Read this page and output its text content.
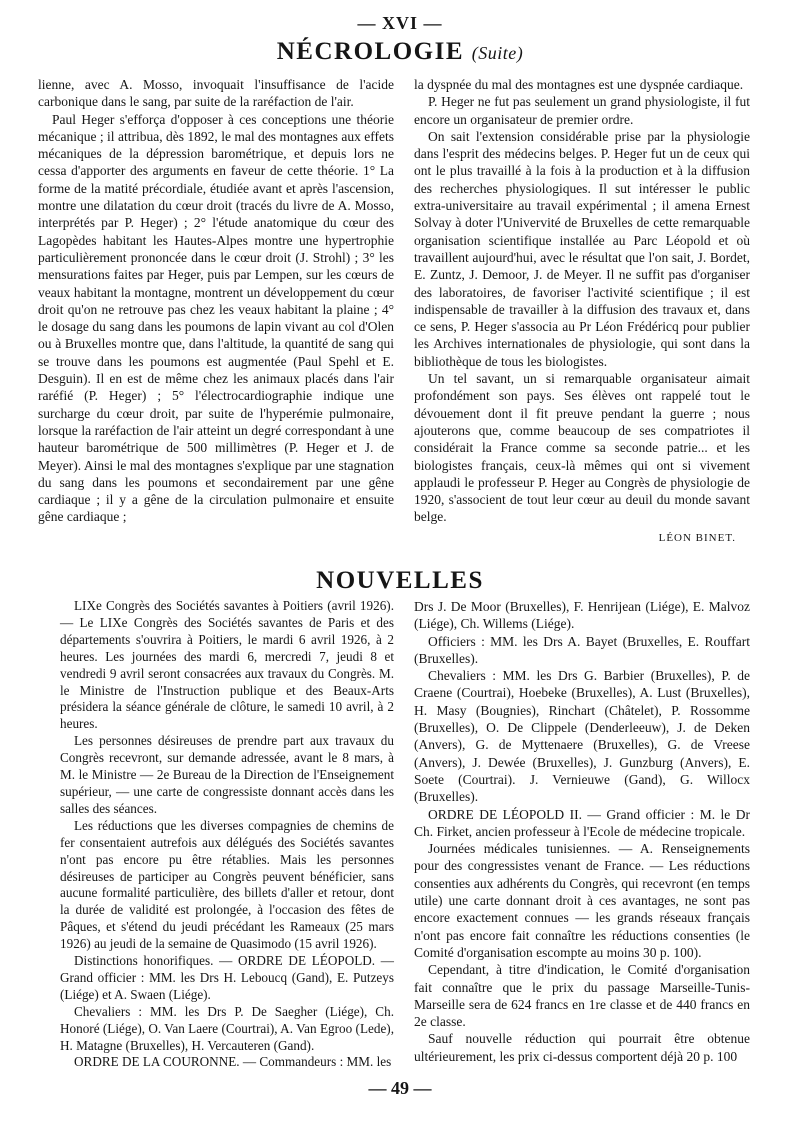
— XVI —
NÉCROLOGIE (Suite)

lienne, avec A. Mosso, invoquait l'insuffisance de l'acide carbonique dans le sang, par suite de la raréfaction de l'air.

Paul Heger s'efforça d'opposer à ces conceptions une théorie mécanique ; il attribua, dès 1892, le mal des montagnes aux effets mécaniques de la dépression barométrique, et depuis lors ne cessa d'apporter des arguments en faveur de cette théorie. 1° La forme de la matité précordiale, étudiée avant et après l'ascension, montre une dilatation du cœur droit (tracés du livre de A. Mosso, interprétés par P. Heger) ; 2° l'étude anatomique du cœur des Lagopèdes habitant les Hautes-Alpes montre une hypertrophie particulièrement prononcée dans le cœur droit (J. Strohl) ; 3° les mensurations faites par Heger, puis par Lempen, sur les cœurs de veaux habitant la montagne, montrent un développement du cœur droit qu'on ne retrouve pas chez les veaux habitant la plaine ; 4° le dosage du sang dans les poumons de lapin vivant au col d'Olen ou à Bruxelles montre que, dans l'altitude, la quantité de sang qui se trouve dans les poumons est augmentée (Paul Spehl et E. Desguin). Il en est de même chez les animaux placés dans l'air raréfié (P. Heger) ; 5° l'électrocardiographie indique une surcharge du cœur droit, par suite de l'hyperémie pulmonaire, lorsque la raréfaction de l'air atteint un degré correspondant à une hauteur barométrique de 500 millimètres (P. Heger et J. de Meyer). Ainsi le mal des montagnes s'explique par une stagnation du sang dans les poumons et secondairement par une gêne cardiaque ; il y a gêne de la circulation pulmonaire et ensuite gêne cardiaque ;

la dyspnée du mal des montagnes est une dyspnée cardiaque.

P. Heger ne fut pas seulement un grand physiologiste, il fut encore un organisateur de premier ordre.

On sait l'extension considérable prise par la physiologie dans l'esprit des médecins belges. P. Heger fut un de ceux qui ont le plus travaillé à la fois à la production et à la diffusion des recherches physiologiques. Il sut intéresser le public extra-universitaire au travail expérimental ; il amena Ernest Solvay à doter l'Univervité de Bruxelles de cette remarquable organisation scientifique installée au Parc Léopold et où travaillent aujourd'hui, avec le résultat que l'on sait, J. Bordet, E. Zuntz, J. Demoor, J. de Meyer. Il ne suffit pas d'organiser des laboratoires, de favoriser l'activité scientifique ; il est indispensable de travailler à la diffusion des travaux et, dans ce sens, P. Heger s'associa au Pr Léon Frédéricq pour publier les Archives internationales de physiologie, qui sont dans la bibliothèque de tous les biologistes.

Un tel savant, un si remarquable organisateur aimait profondément son pays. Ses élèves ont rappelé tout le dévouement dont il fit preuve pendant la guerre ; nous ajouterons que, comme beaucoup de ses compatriotes il considérait la France comme sa seconde patrie... et les biologistes français, ceux-là mêmes qui ont si vivement applaudi le professeur P. Heger au Congrès de physiologie de 1920, s'associent de tout leur cœur au deuil du monde savant belge.

LÉON BINET.
NOUVELLES

LIXe Congrès des Sociétés savantes à Poitiers (avril 1926). — Le LIXe Congrès des Sociétés savantes de Paris et des départements s'ouvrira à Poitiers, le mardi 6 avril 1926, à 2 heures. Les journées des mardi 6, mercredi 7, jeudi 8 et vendredi 9 avril seront consacrées aux travaux du Congrès. M. le Ministre de l'Instruction publique et des Beaux-Arts présidera la séance générale de clôture, le samedi 10 avril, à 2 heures.

Les personnes désireuses de prendre part aux travaux du Congrès recevront, sur demande adressée, avant le 8 mars, à M. le Ministre — 2e Bureau de la Direction de l'Enseignement supérieur, — une carte de congressiste donnant accès dans les salles des séances.

Les réductions que les diverses compagnies de chemins de fer consentaient autrefois aux délégués des Sociétés savantes n'ont pas encore pu être rétablies. Mais les personnes désireuses de participer au Congrès peuvent bénéficier, sans aucune formalité particulière, des billets d'aller et retour, dont la durée de validité est prolongée, à l'occasion des fêtes de Pâques, et s'étend du jeudi précédant les Rameaux (25 mars 1926) au jeudi de la semaine de Quasimodo (15 avril 1926).

Distinctions honorifiques. — ORDRE DE LÉOPOLD. — Grand officier : MM. les Drs H. Leboucq (Gand), E. Putzeys (Liége) et A. Swaen (Liége).

Chevaliers : MM. les Drs P. De Saegher (Liége), Ch. Honoré (Liége), O. Van Laere (Courtrai), A. Van Egroo (Lede), H. Matagne (Bruxelles), H. Vercauteren (Gand).

ORDRE DE LA COURONNE. — Commandeurs : MM. les

Drs J. De Moor (Bruxelles), F. Henrijean (Liége), E. Malvoz (Liége), Ch. Willems (Liége).

Officiers : MM. les Drs A. Bayet (Bruxelles, E. Rouffart (Bruxelles).

Chevaliers : MM. les Drs G. Barbier (Bruxelles), P. de Craene (Courtrai), Hoebeke (Bruxelles), A. Lust (Bruxelles), H. Masy (Bougnies), Rinchart (Châtelet), P. Rossomme (Bruxelles), O. De Clippele (Denderleeuw), J. de Deken (Anvers), G. de Myttenaere (Bruxelles), G. de Vreese (Anvers), J. Dewée (Bruxelles), J. Gunzburg (Anvers), E. Soete (Courtrai). J. Vernieuwe (Gand), G. Willocx (Bruxelles).

ORDRE DE LÉOPOLD II. — Grand officier : M. le Dr Ch. Firket, ancien professeur à l'Ecole de médecine tropicale.

Journées médicales tunisiennes. — A. Renseignements pour des congressistes venant de France. — Les réductions consenties aux adhérents du Congrès, qui recevront (en temps utile) une carte donnant droit à ces avantages, ne sont pas encore exactement connues — les grands réseaux français n'ont pas encore fait connaître les réductions consenties (le Comité d'organisation escompte au moins 30 p. 100).

Cependant, à titre d'indication, le Comité d'organisation fait connaître que le prix du passage Marseille-Tunis-Marseille sera de 624 francs en 1re classe et de 440 francs en 2e classe.

Sauf nouvelle réduction qui pourrait être obtenue ultérieurement, les prix ci-dessus comportent déjà 20 p. 100

— 49 —
